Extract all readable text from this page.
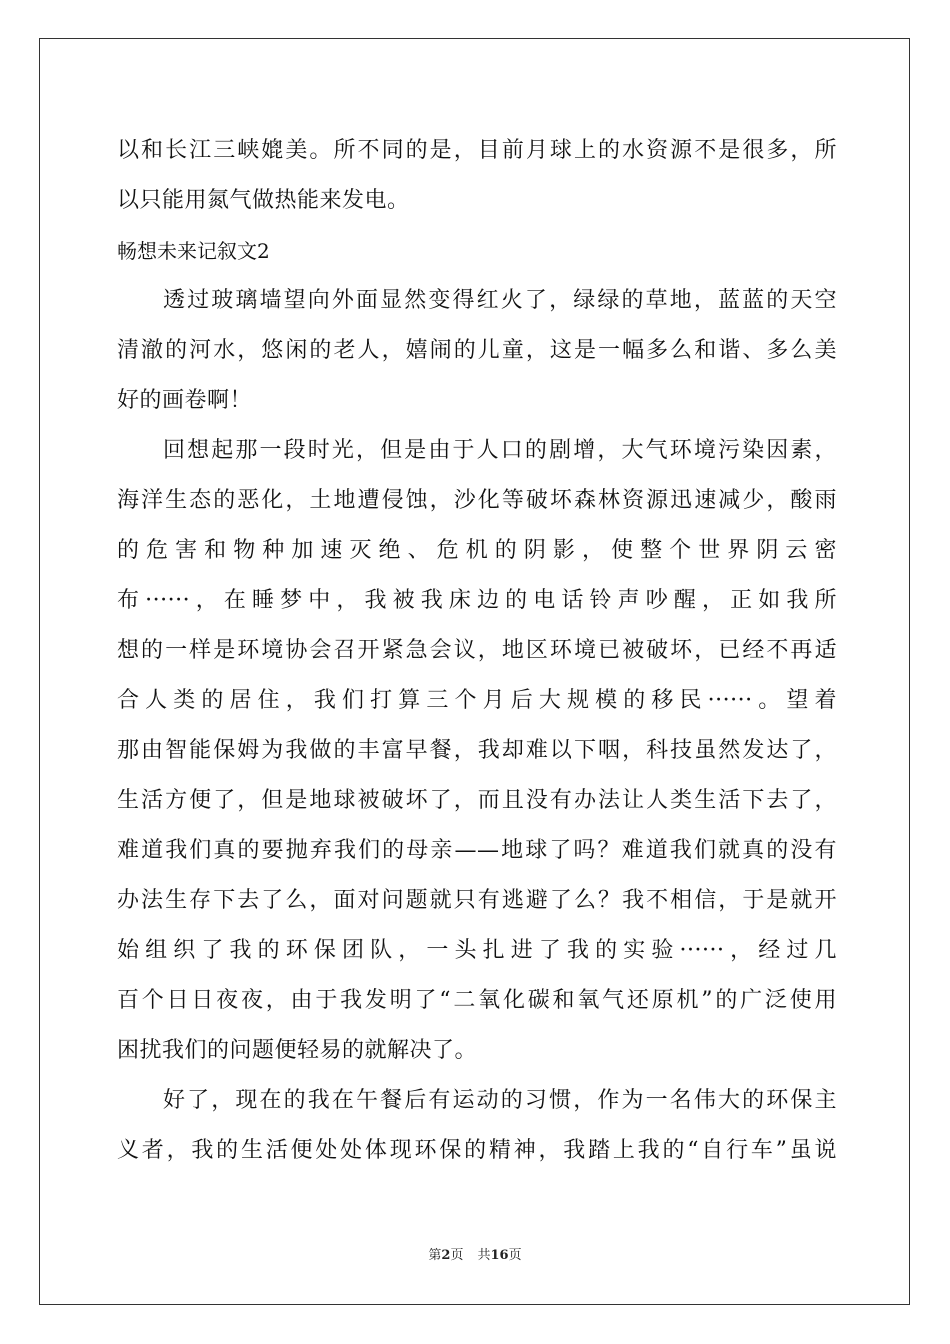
以和长江三峡媲美。所不同的是，目前月球上的水资源不是很多，所
以只能用氮气做热能来发电。
畅想未来记叙文2
透过玻璃墙望向外面显然变得红火了，绿绿的草地，蓝蓝的天空
清澈的河水，悠闲的老人，嬉闹的儿童，这是一幅多么和谐、多么美
好的画卷啊！
回想起那一段时光，但是由于人口的剧增，大气环境污染因素，
海洋生态的恶化，土地遭侵蚀，沙化等破坏森林资源迅速减少，酸雨
的危害和物种加速灭绝、危机的阴影，使整个世界阴云密
布······，在睡梦中，我被我床边的电话铃声吵醒，正如我所
想的一样是环境协会召开紧急会议，地区环境已被破坏，已经不再适
合人类的居住，我们打算三个月后大规模的移民······。望着
那由智能保姆为我做的丰富早餐，我却难以下咽，科技虽然发达了，
生活方便了，但是地球被破坏了，而且没有办法让人类生活下去了，
难道我们真的要抛弃我们的母亲——地球了吗？难道我们就真的没有
办法生存下去了么，面对问题就只有逃避了么？我不相信，于是就开
始组织了我的环保团队，一头扎进了我的实验······，经过几
百个日日夜夜，由于我发明了“二氧化碳和氧气还原机”的广泛使用
困扰我们的问题便轻易的就解决了。
好了，现在的我在午餐后有运动的习惯，作为一名伟大的环保主
义者，我的生活便处处体现环保的精神，我踏上我的“自行车”虽说
第2页 共16页
